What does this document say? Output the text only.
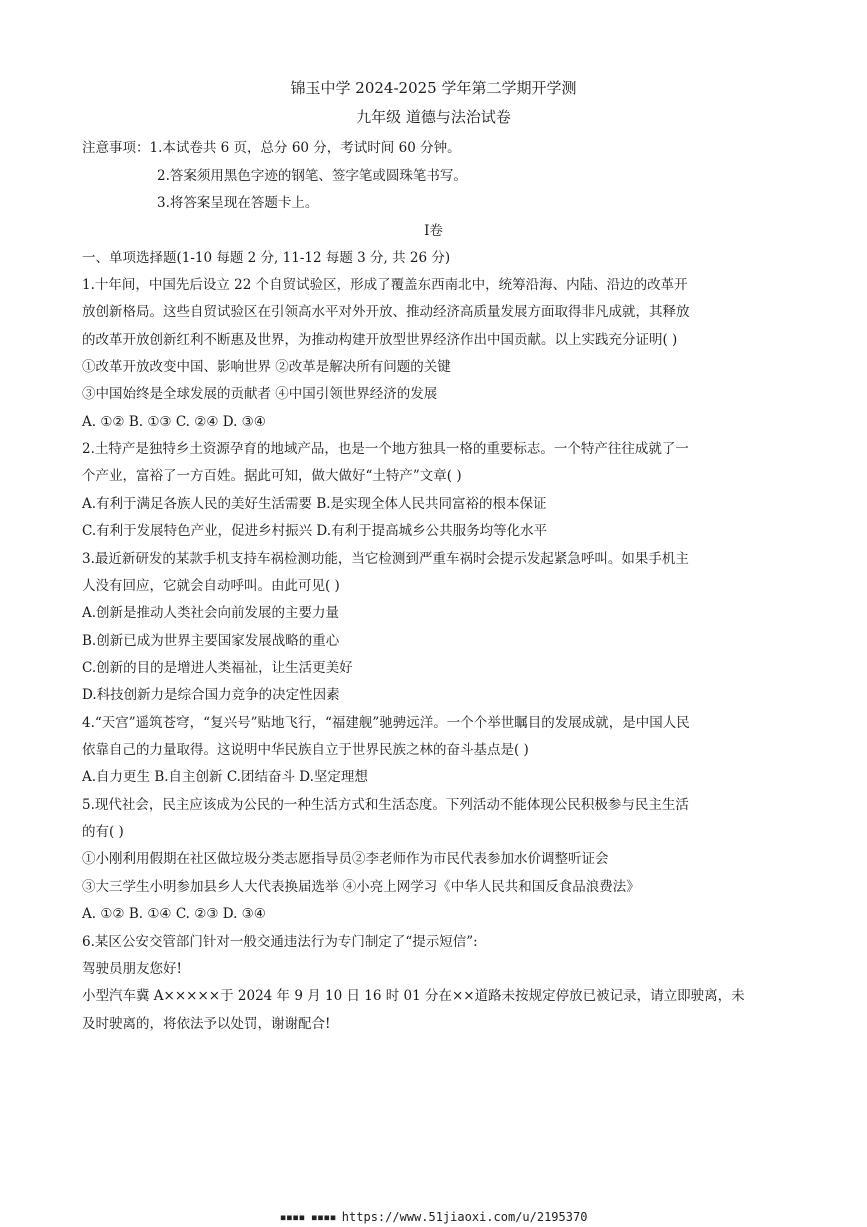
锦玉中学 2024-2025 学年第二学期开学测
九年级 道德与法治试卷
注意事项：1.本试卷共 6 页，总分 60 分，考试时间 60 分钟。
2.答案须用黑色字迹的钢笔、签字笔或圆珠笔书写。
3.将答案呈现在答题卡上。
Ⅰ卷
一、单项选择题(1-10 每题 2 分, 11-12 每题 3 分, 共 26 分)
1.十年间，中国先后设立 22 个自贸试验区，形成了覆盖东西南北中，统筹沿海、内陆、沿边的改革开
放创新格局。这些自贸试验区在引领高水平对外开放、推动经济高质量发展方面取得非凡成就，其释放
的改革开放创新红利不断惠及世界，为推动构建开放型世界经济作出中国贡献。以上实践充分证明( )
①改革开放改变中国、影响世界 ②改革是解决所有问题的关键
③中国始终是全球发展的贡献者 ④中国引领世界经济的发展
A. ①② B. ①③ C. ②④ D. ③④
2.土特产是独特乡土资源孕育的地域产品，也是一个地方独具一格的重要标志。一个特产往往成就了一
个产业，富裕了一方百姓。据此可知，做大做好“土特产”文章( )
A.有利于满足各族人民的美好生活需要 B.是实现全体人民共同富裕的根本保证
C.有利于发展特色产业，促进乡村振兴 D.有利于提高城乡公共服务均等化水平
3.最近新研发的某款手机支持车祸检测功能，当它检测到严重车祸时会提示发起紧急呼叫。如果手机主
人没有回应，它就会自动呼叫。由此可见( )
A.创新是推动人类社会向前发展的主要力量
B.创新已成为世界主要国家发展战略的重心
C.创新的目的是增进人类福祉，让生活更美好
D.科技创新力是综合国力竞争的决定性因素
4.“天宫”遥筑苍穹，“复兴号”贴地飞行，“福建舰”驰骋远洋。一个个举世瞩目的发展成就，是中国人民
依靠自己的力量取得。这说明中华民族自立于世界民族之林的奋斗基点是( )
A.自力更生 B.自主创新 C.团结奋斗 D.坚定理想
5.现代社会，民主应该成为公民的一种生活方式和生活态度。下列活动不能体现公民积极参与民主生活
的有( )
①小刚利用假期在社区做垃圾分类志愿指导员②李老师作为市民代表参加水价调整听证会
③大三学生小明参加县乡人大代表换届选举 ④小亮上网学习《中华人民共和国反食品浪费法》
A. ①② B. ①④ C. ②③ D. ③④
6.某区公安交管部门针对一般交通违法行为专门制定了“提示短信”:
驾驶员朋友您好!
小型汽车冀 A×××××于 2024 年 9 月 10 日 16 时 01 分在××道路未按规定停放已被记录，请立即驶离，未
及时驶离的，将依法予以处罚，谢谢配合!
▪▪▪▪ ▪▪▪▪ https://www.51jiaoxi.com/u/2195370
